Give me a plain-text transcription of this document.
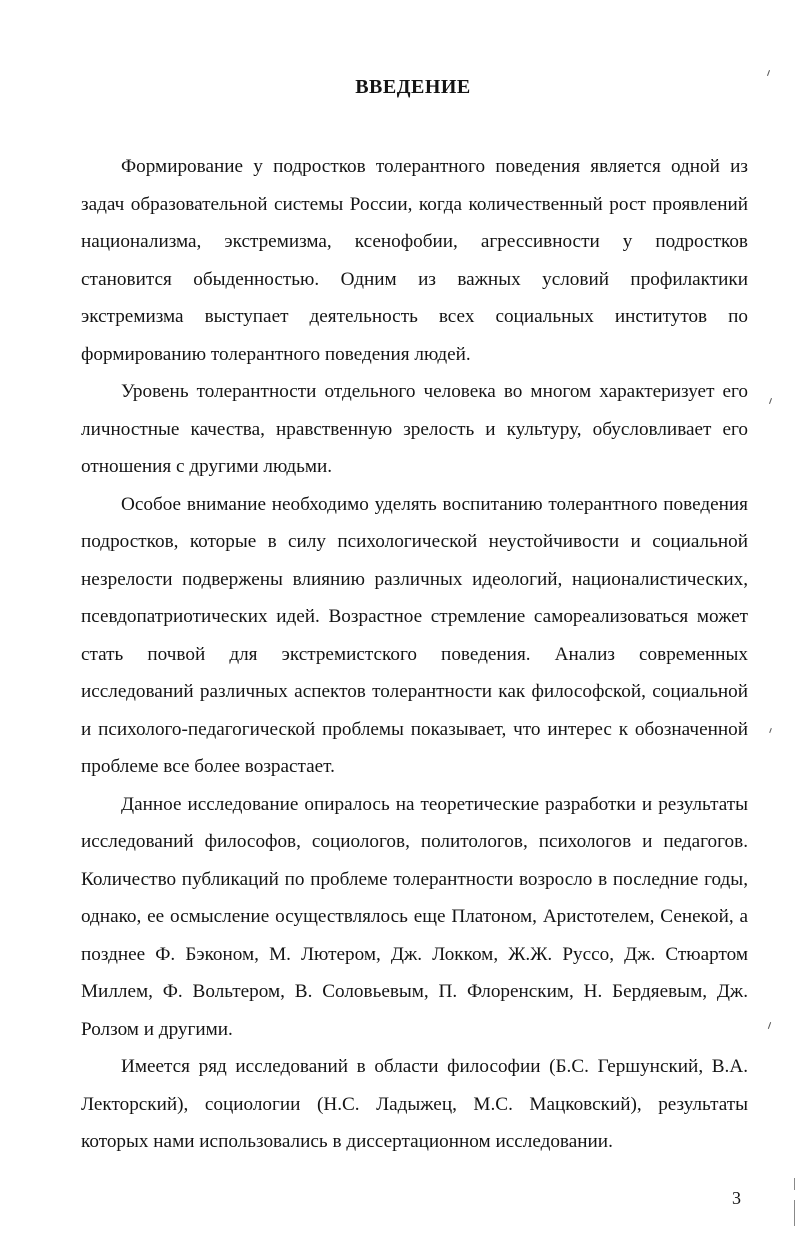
ВВЕДЕНИЕ

Формирование у подростков толерантного поведения является одной из задач образовательной системы России, когда количественный рост проявлений национализма, экстремизма, ксенофобии, агрессивности у подростков становится обыденностью. Одним из важных условий профилактики экстремизма выступает деятельность всех социальных институтов по формированию толерантного поведения людей.

Уровень толерантности отдельного человека во многом характеризует его личностные качества, нравственную зрелость и культуру, обусловливает его отношения с другими людьми.

Особое внимание необходимо уделять воспитанию толерантного поведения подростков, которые в силу психологической неустойчивости и социальной незрелости подвержены влиянию различных идеологий, националистических, псевдопатриотических идей. Возрастное стремление самореализоваться может стать почвой для экстремистского поведения. Анализ современных исследований различных аспектов толерантности как философской, социальной и психолого-педагогической проблемы показывает, что интерес к обозначенной проблеме все более возрастает.

Данное исследование опиралось на теоретические разработки и результаты исследований философов, социологов, политологов, психологов и педагогов. Количество публикаций по проблеме толерантности возросло в последние годы, однако, ее осмысление осуществлялось еще Платоном, Аристотелем, Сенекой, а позднее Ф. Бэконом, М. Лютером, Дж. Локком, Ж.Ж. Руссо, Дж. Стюартом Миллем, Ф. Вольтером, В. Соловьевым, П. Флоренским, Н. Бердяевым, Дж. Ролзом и другими.

Имеется ряд исследований в области философии (Б.С. Гершунский, В.А. Лекторский), социологии (Н.С. Ладыжец, М.С. Мацковский), результаты которых нами использовались в диссертационном исследовании.

3
